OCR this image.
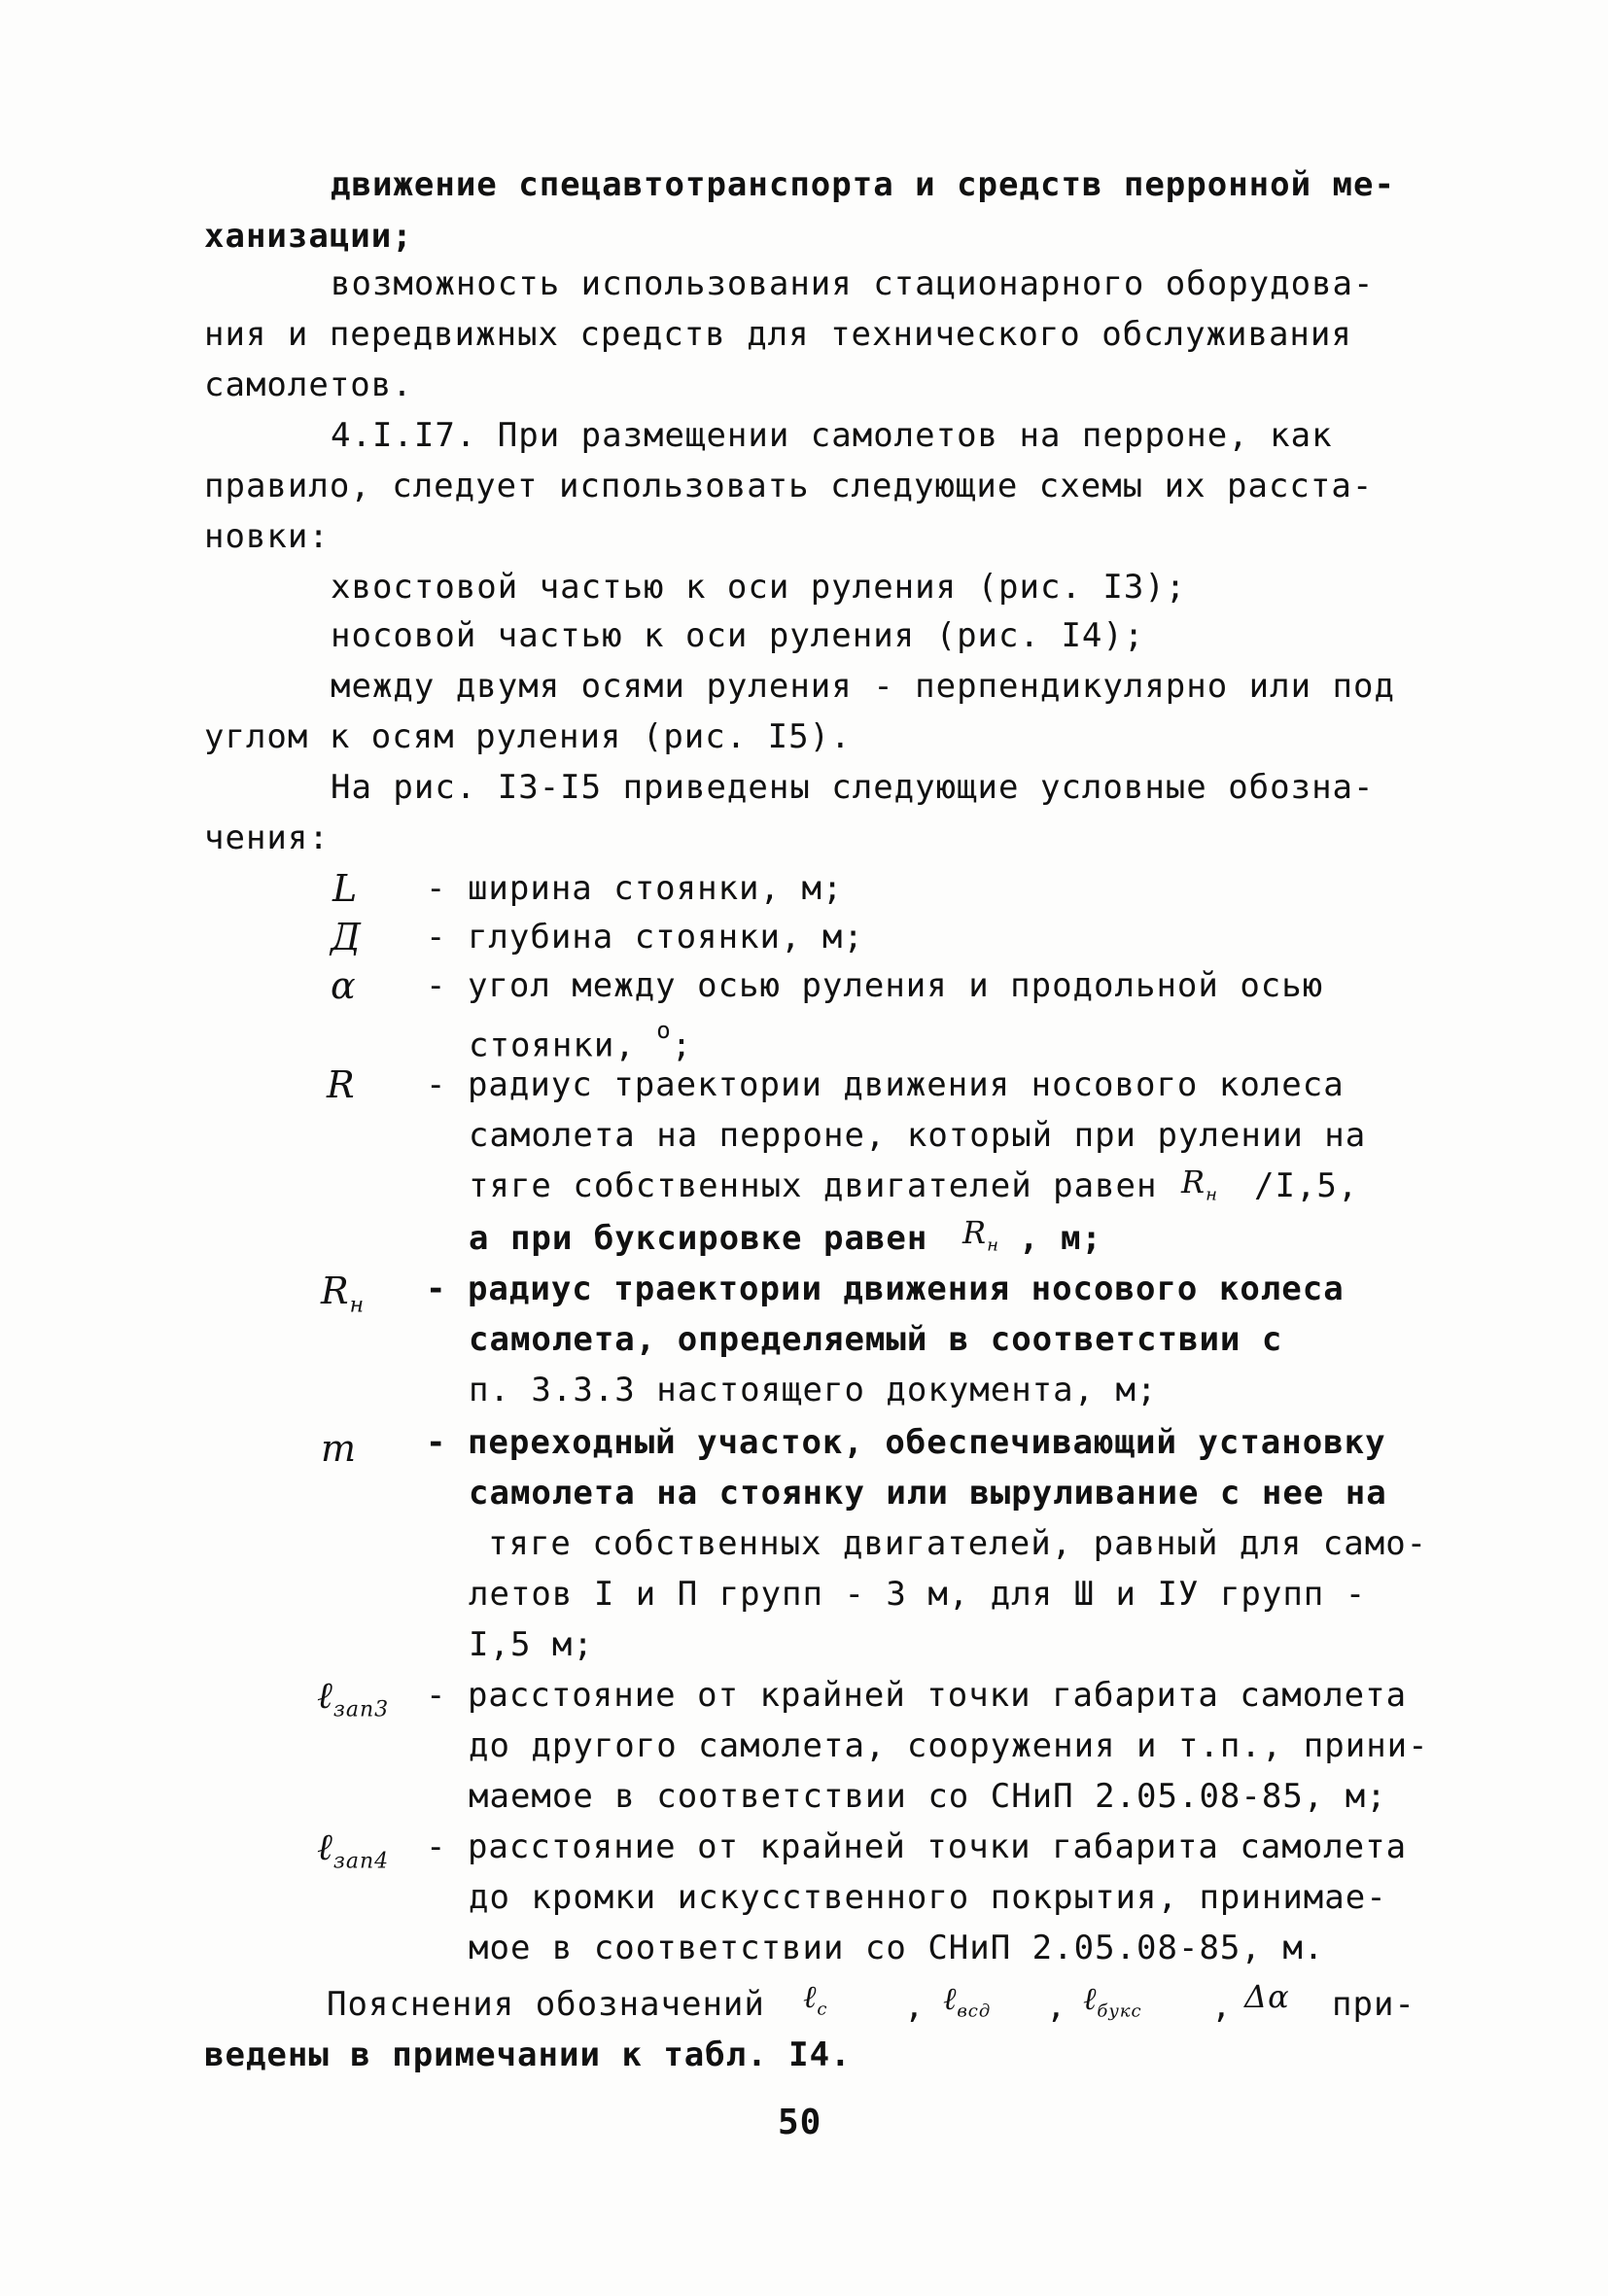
движение спецавтотранспорта и средств перронной ме-
ханизации;
возможность использования стационарного оборудова-
ния и передвижных средств для технического обслуживания
самолетов.
4.I.I7. При размещении самолетов на перроне, как
правило, следует использовать следующие схемы их расста-
новки:
хвостовой частью к оси руления (рис. I3);
носовой частью к оси руления (рис. I4);
между двумя осями руления - перпендикулярно или под
углом к осям руления (рис. I5).
На рис. I3-I5 приведены следующие условные обозна-
чения:
L - ширина стоянки, м;
Д - глубина стоянки, м;
α - угол между осью руления и продольной осью
стоянки, $^о$;
R - радиус траектории движения носового колеса
самолета на перроне, который при рулении на
тяге собственных двигателей равен $R_н$ /I,5,
а при буксировке равен $R_н$ , м;
$R_н$ - радиус траектории движения носового колеса
самолета, определяемый в соответствии с
п. 3.3.3 настоящего документа, м;
m - переходный участок, обеспечивающий установку
самолета на стоянку или выруливание с нее на
тяге собственных двигателей, равный для само-
летов I и П групп - 3 м, для Ш и IУ групп -
I,5 м;
ℓ$_{зап3}$ - расстояние от крайней точки габарита самолета
до другого самолета, сооружения и т.п., прини-
маемое в соответствии со СНиП 2.05.08-85, м;
ℓ$_{зап4}$ - расстояние от крайней точки габарита самолета
до кромки искусственного покрытия, принимае-
мое в соответствии со СНиП 2.05.08-85, м.
Пояснения обозначений ℓ$_c$ , ℓ$_{всд}$ , ℓ$_{букс}$ , Δα при-
ведены в примечании к табл. I4.
50
